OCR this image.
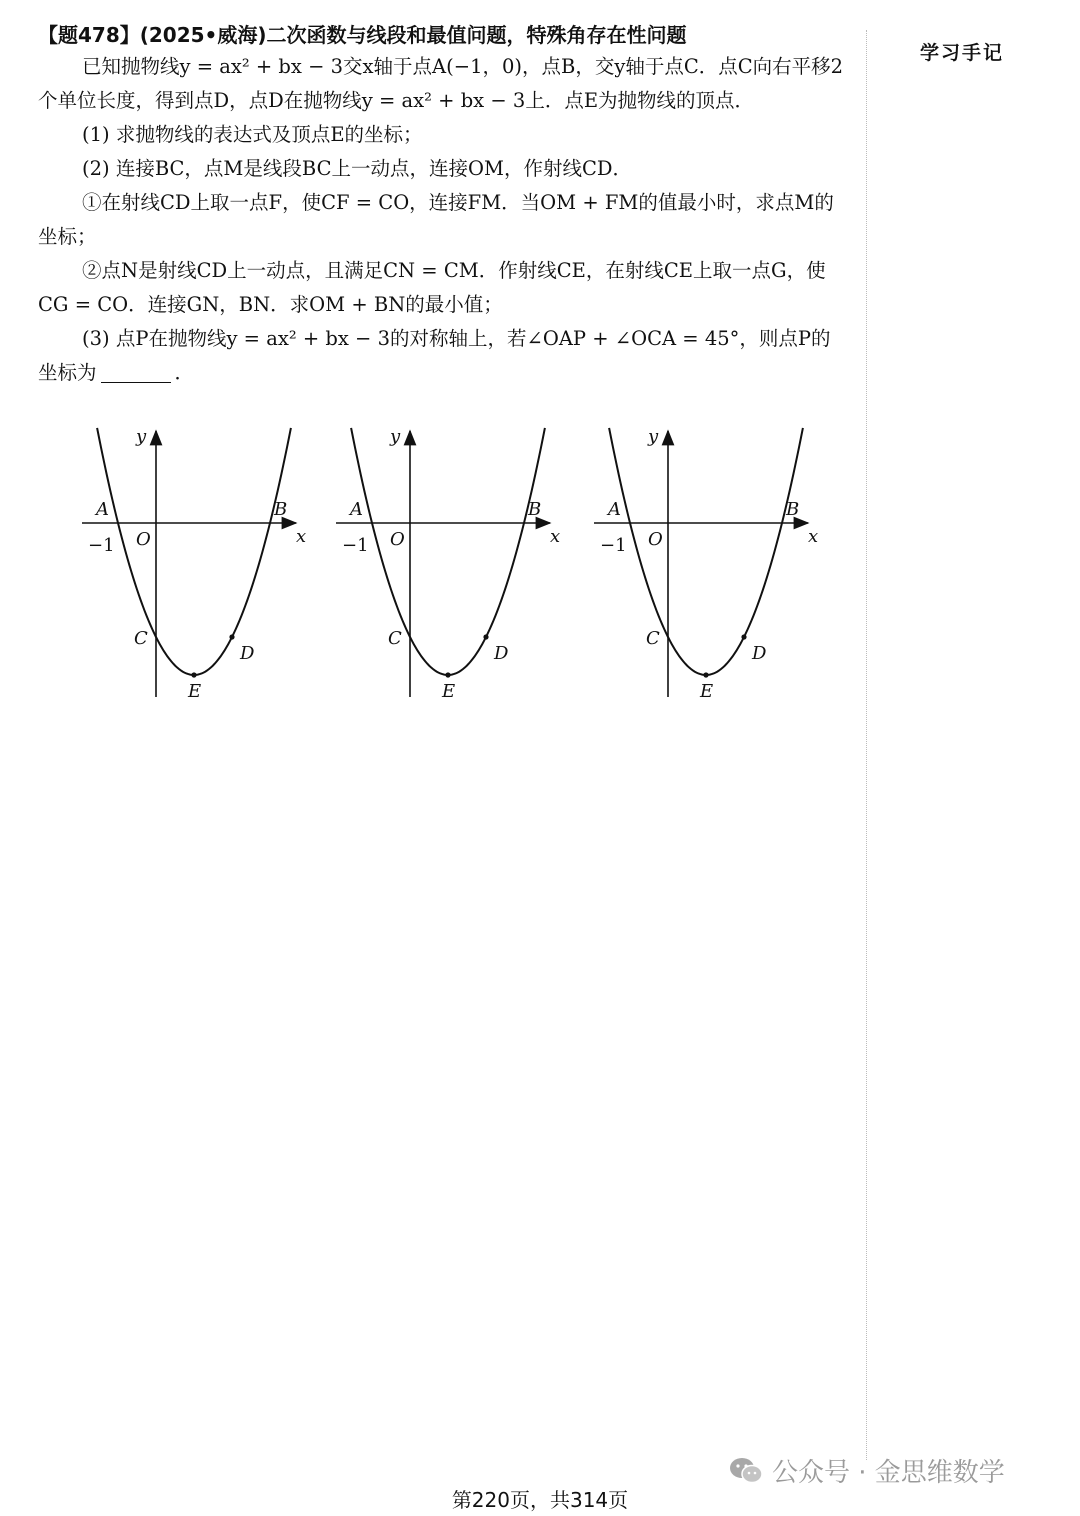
【题478】(2025•威海)二次函数与线段和最值问题，特殊角存在性问题

已知抛物线y = ax² + bx − 3交x轴于点A(−1，0)，点B，交y轴于点C．点C向右平移2个单位长度，得到点D，点D在抛物线y = ax² + bx − 3上．点E为抛物线的顶点．

(1) 求抛物线的表达式及顶点E的坐标；

(2) 连接BC，点M是线段BC上一动点，连接OM，作射线CD．

①在射线CD上取一点F，使CF = CO，连接FM．当OM + FM的值最小时，求点M的坐标；

②点N是射线CD上一动点，且满足CN = CM．作射线CE，在射线CE上取一点G，使CG = CO．连接GN，BN．求OM + BN的最小值；

(3) 点P在抛物线y = ax² + bx − 3的对称轴上，若∠OAP + ∠OCA = 45°，则点P的坐标为	．

学习手记
x
y
O
−1
A	B
C
D
E
x
y
O
−1
A	B
C
D
E
x
y
O
−1
A	B
C
D
E
公众号 · 金思维数学
第220页，共314页
